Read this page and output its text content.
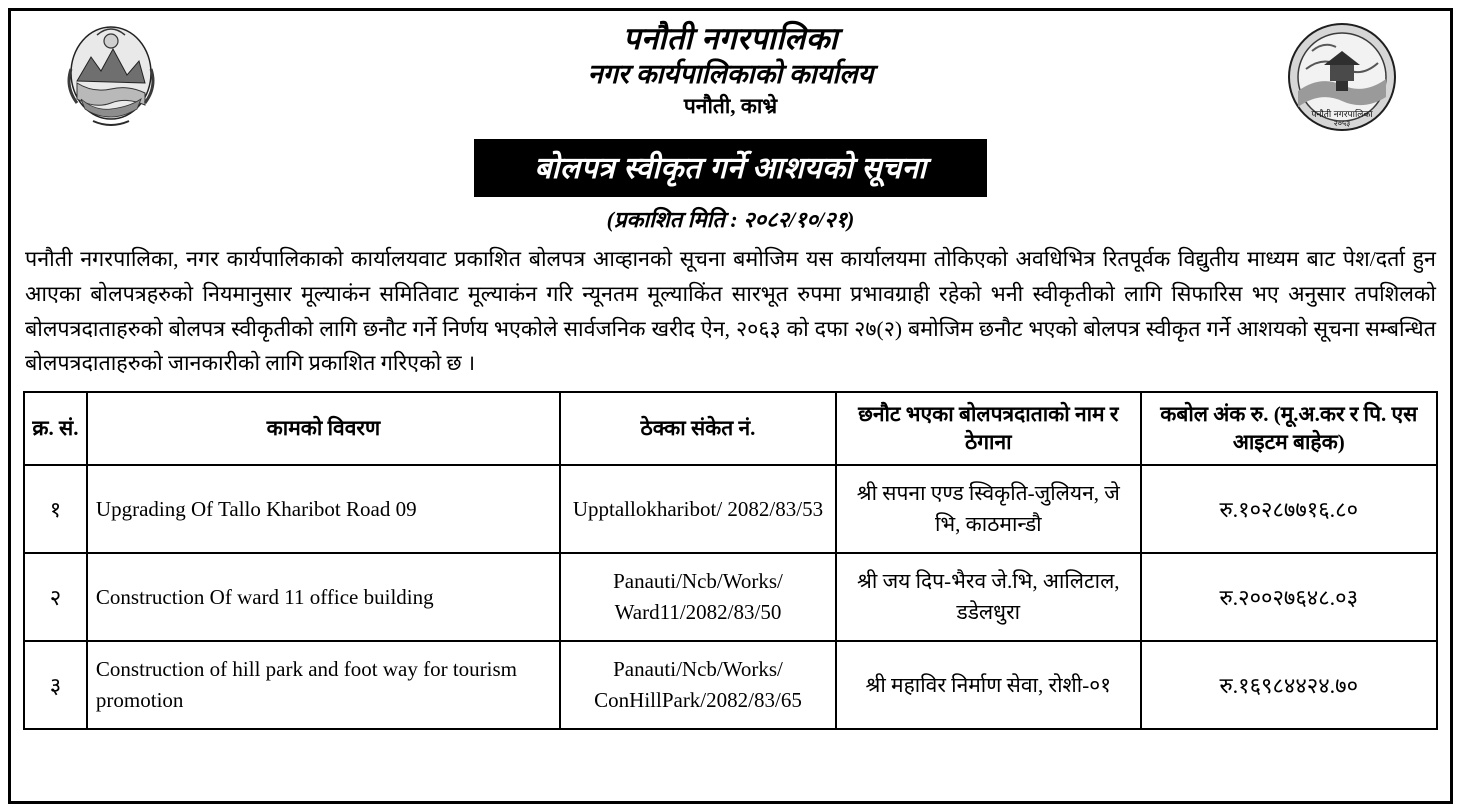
पनौती नगरपालिका
२०५३
पनौती नगरपालिका
नगर कार्यपालिकाको कार्यालय
पनौती, काभ्रे
बोलपत्र स्वीकृत गर्ने आशयको सूचना
(प्रकाशित मिति : २०८२/१०/२१)
पनौती नगरपालिका, नगर कार्यपालिकाको कार्यालयवाट प्रकाशित बोलपत्र आव्हानको सूचना बमोजिम यस कार्यालयमा तोकिएको अवधिभित्र रितपूर्वक विद्युतीय माध्यम बाट पेश/दर्ता हुन आएका बोलपत्रहरुको नियमानुसार मूल्याकंन समितिवाट मूल्याकंन गरि न्यूनतम मूल्याकिंत सारभूत रुपमा प्रभावग्राही रहेको भनी स्वीकृतीको लागि सिफारिस भए अनुसार तपशिलको बोलपत्रदाताहरुको बोलपत्र स्वीकृतीको लागि छनौट गर्ने निर्णय भएकोले सार्वजनिक खरीद ऐन, २०६३ को दफा २७(२) बमोजिम छनौट भएको बोलपत्र स्वीकृत गर्ने आशयको सूचना सम्बन्धित बोलपत्रदाताहरुको जानकारीको लागि प्रकाशित गरिएको छ ।
क्र. सं.	कामको विवरण	ठेक्का संकेत नं.	छनौट भएका बोलपत्रदाताको नाम र ठेगाना	कबोल अंक रु. (मू.अ.कर र पि. एस आइटम बाहेक)
१	Upgrading Of Tallo Kharibot Road 09	Upptallokharibot/ 2082/83/53	श्री सपना एण्ड स्विकृति-जुलियन, जे भि, काठमान्डौ	रु.१०२८७७१६.८०
२	Construction Of ward 11 office building	Panauti/Ncb/Works/ Ward11/2082/83/50	श्री जय दिप-भैरव जे.भि, आलिटाल, डडेलधुरा	रु.२००२७६४८.०३
३	Construction of hill park and foot way for tourism promotion	Panauti/Ncb/Works/ ConHillPark/2082/83/65	श्री महाविर निर्माण सेवा, रोशी-०१	रु.१६९८४४२४.७०
